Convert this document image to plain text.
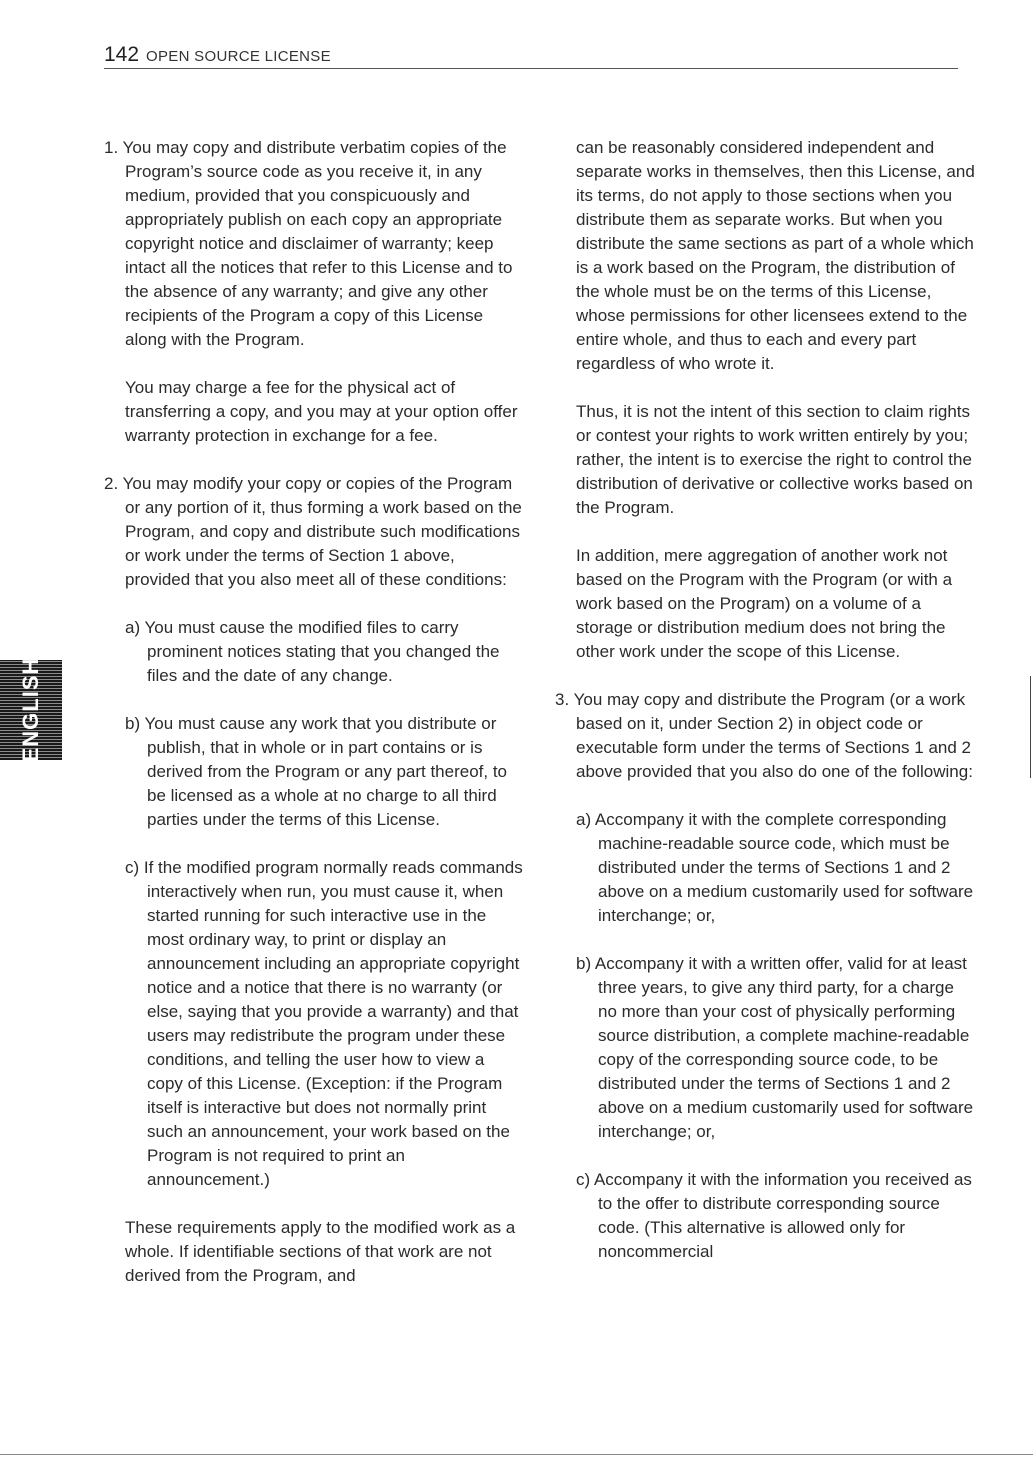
142 OPEN SOURCE LICENSE

1. You may copy and distribute verbatim copies of the Program’s source code as you receive it, in any medium, provided that you conspicuously and appropriately publish on each copy an appropriate copyright notice and disclaimer of warranty; keep intact all the notices that refer to this License and to the absence of any warranty; and give any other recipients of the Program a copy of this License along with the Program.

You may charge a fee for the physical act of transferring a copy, and you may at your option offer warranty protection in exchange for a fee.

2. You may modify your copy or copies of the Program or any portion of it, thus forming a work based on the Program, and copy and distribute such modifications or work under the terms of Section 1 above, provided that you also meet all of these conditions:

a) You must cause the modified files to carry prominent notices stating that you changed the files and the date of any change.

b) You must cause any work that you distribute or publish, that in whole or in part contains or is derived from the Program or any part thereof, to be licensed as a whole at no charge to all third parties under the terms of this License.

c) If the modified program normally reads commands interactively when run, you must cause it, when started running for such interactive use in the most ordinary way, to print or display an announcement including an appropriate copyright notice and a notice that there is no warranty (or else, saying that you provide a warranty) and that users may redistribute the program under these conditions, and telling the user how to view a copy of this License. (Exception: if the Program itself is interactive but does not normally print such an announcement, your work based on the Program is not required to print an announcement.)

These requirements apply to the modified work as a whole. If identifiable sections of that work are not derived from the Program, and

can be reasonably considered independent and separate works in themselves, then this License, and its terms, do not apply to those sections when you distribute them as separate works. But when you distribute the same sections as part of a whole which is a work based on the Program, the distribution of the whole must be on the terms of this License, whose permissions for other licensees extend to the entire whole, and thus to each and every part regardless of who wrote it.

Thus, it is not the intent of this section to claim rights or contest your rights to work written entirely by you; rather, the intent is to exercise the right to control the distribution of derivative or collective works based on the Program.

In addition, mere aggregation of another work not based on the Program with the Program (or with a work based on the Program) on a volume of a storage or distribution medium does not bring the other work under the scope of this License.

3. You may copy and distribute the Program (or a work based on it, under Section 2) in object code or executable form under the terms of Sections 1 and 2 above provided that you also do one of the following:

a) Accompany it with the complete corresponding machine-readable source code, which must be distributed under the terms of Sections 1 and 2 above on a medium customarily used for software interchange; or,

b) Accompany it with a written offer, valid for at least three years, to give any third party, for a charge no more than your cost of physically performing source distribution, a complete machine-readable copy of the corresponding source code, to be distributed under the terms of Sections 1 and 2 above on a medium customarily used for software interchange; or,

c) Accompany it with the information you received as to the offer to distribute corresponding source code. (This alternative is allowed only for noncommercial

ENGLISH
